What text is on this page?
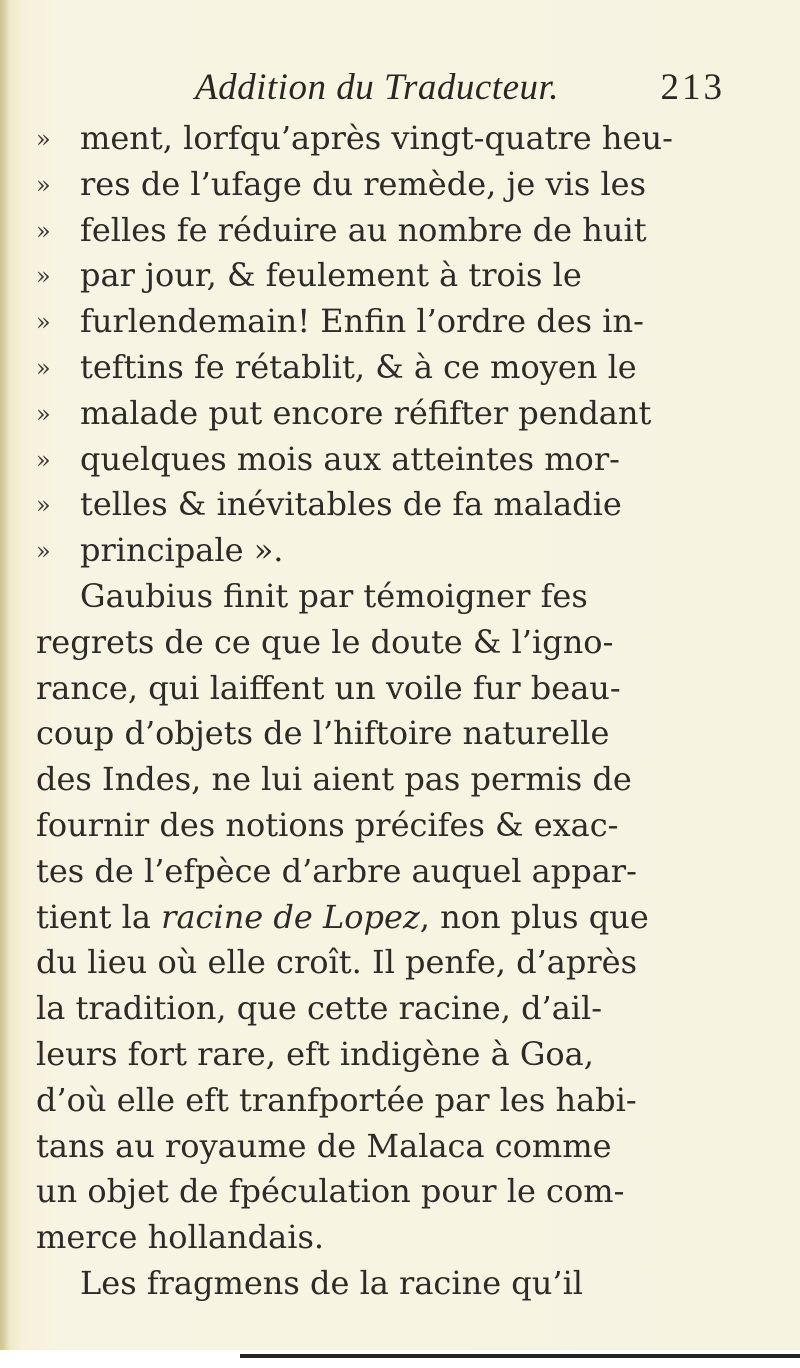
Addition du Traducteur.	213
» ment, lorfqu’après vingt-quatre heu-
» res de l’ufage du remède, je vis les
» felles fe réduire au nombre de huit
» par jour, & feulement à trois le
» furlendemain! Enfin l’ordre des in-
» teftins fe rétablit, & à ce moyen le
» malade put encore réfifter pendant
» quelques mois aux atteintes mor-
» telles & inévitables de fa maladie
» principale ».
Gaubius finit par témoigner fes
regrets de ce que le doute & l’igno-
rance, qui laiffent un voile fur beau-
coup d’objets de l’hiftoire naturelle
des Indes, ne lui aient pas permis de
fournir des notions précifes & exac-
tes de l’efpèce d’arbre auquel appar-
tient la racine de Lopez, non plus que
du lieu où elle croît. Il penfe, d’après
la tradition, que cette racine, d’ail-
leurs fort rare, eft indigène à Goa,
d’où elle eft tranfportée par les habi-
tans au royaume de Malaca comme
un objet de fpéculation pour le com-
merce hollandais.
Les fragmens de la racine qu’il
